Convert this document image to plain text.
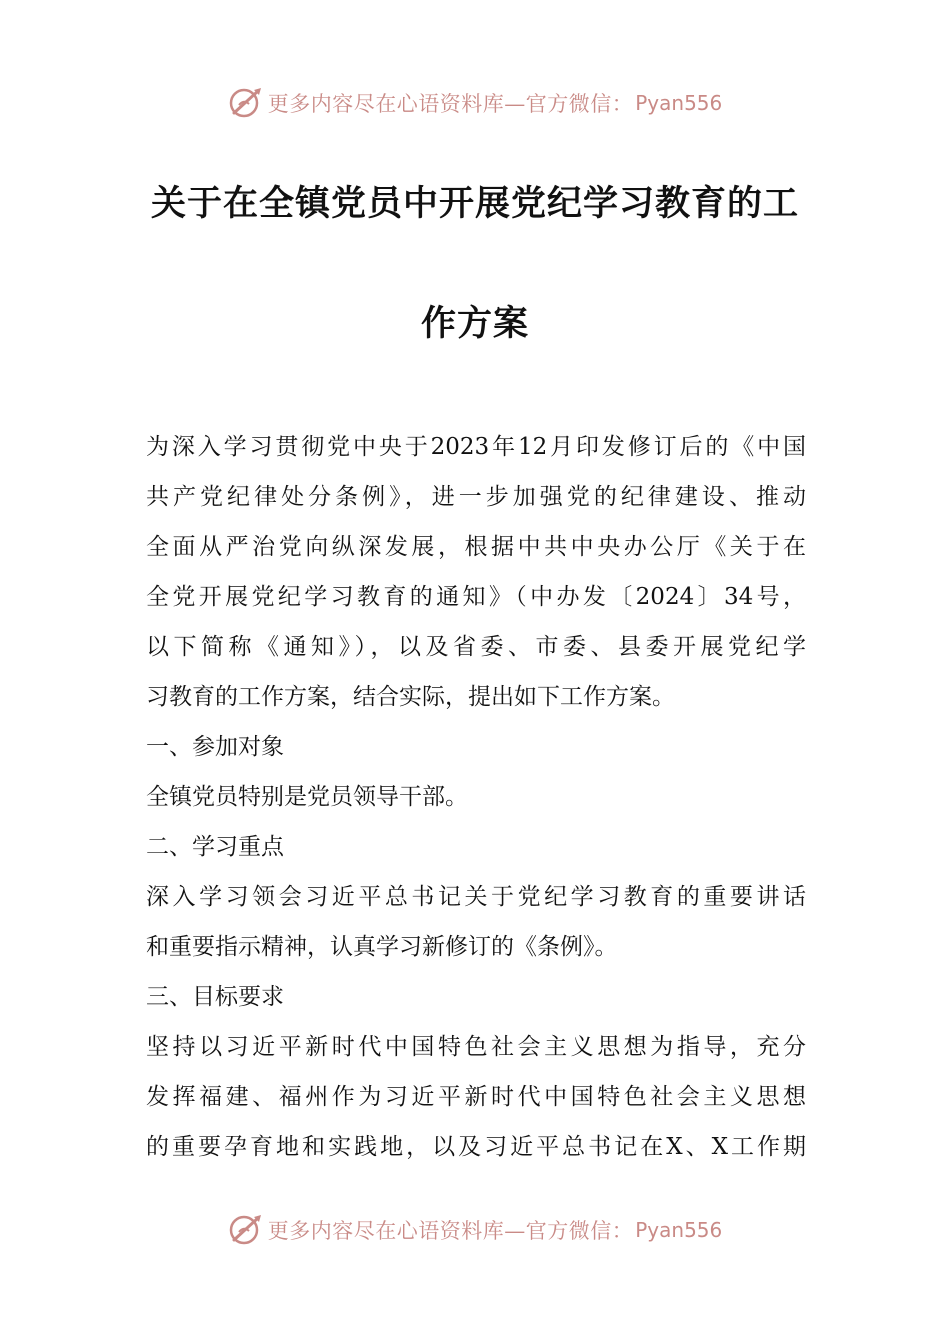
更多内容尽在心语资料库—官方微信： Pyan556
关于在全镇党员中开展党纪学习教育的工
作方案
为深入学习贯彻党中央于2023年12月印发修订后的《中国
共产党纪律处分条例》，进一步加强党的纪律建设、推动
全面从严治党向纵深发展，根据中共中央办公厅《关于在
全党开展党纪学习教育的通知》（中办发〔2024〕34号，
以下简称《通知》），以及省委、市委、县委开展党纪学
习教育的工作方案，结合实际，提出如下工作方案。
一、参加对象
全镇党员特别是党员领导干部。
二、学习重点
深入学习领会习近平总书记关于党纪学习教育的重要讲话
和重要指示精神，认真学习新修订的《条例》。
三、目标要求
坚持以习近平新时代中国特色社会主义思想为指导，充分
发挥福建、福州作为习近平新时代中国特色社会主义思想
的重要孕育地和实践地，以及习近平总书记在X、X工作期
更多内容尽在心语资料库—官方微信： Pyan556
